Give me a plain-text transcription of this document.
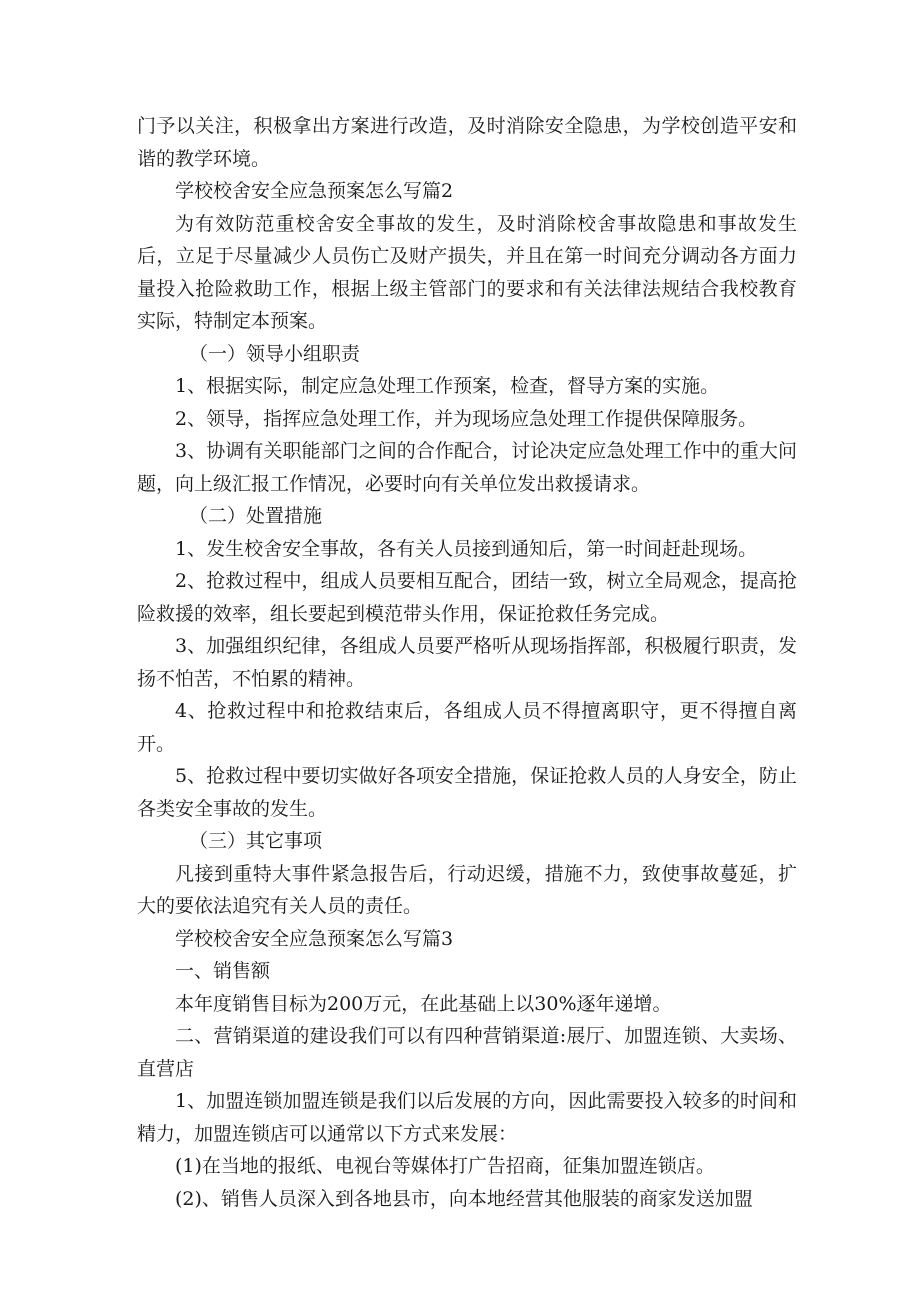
门予以关注，积极拿出方案进行改造，及时消除安全隐患，为学校创造平安和谐的教学环境。

学校校舍安全应急预案怎么写篇2

为有效防范重校舍安全事故的发生，及时消除校舍事故隐患和事故发生后，立足于尽量减少人员伤亡及财产损失，并且在第一时间充分调动各方面力量投入抢险救助工作，根据上级主管部门的要求和有关法律法规结合我校教育实际，特制定本预案。

（一）领导小组职责

1、根据实际，制定应急处理工作预案，检查，督导方案的实施。

2、领导，指挥应急处理工作，并为现场应急处理工作提供保障服务。

3、协调有关职能部门之间的合作配合，讨论决定应急处理工作中的重大问题，向上级汇报工作情况，必要时向有关单位发出救援请求。

（二）处置措施

1、发生校舍安全事故，各有关人员接到通知后，第一时间赶赴现场。

2、抢救过程中，组成人员要相互配合，团结一致，树立全局观念，提高抢险救援的效率，组长要起到模范带头作用，保证抢救任务完成。

3、加强组织纪律，各组成人员要严格听从现场指挥部，积极履行职责，发扬不怕苦，不怕累的精神。

4、抢救过程中和抢救结束后，各组成人员不得擅离职守，更不得擅自离开。

5、抢救过程中要切实做好各项安全措施，保证抢救人员的人身安全，防止各类安全事故的发生。

（三）其它事项

凡接到重特大事件紧急报告后，行动迟缓，措施不力，致使事故蔓延，扩大的要依法追究有关人员的责任。

学校校舍安全应急预案怎么写篇3

一、销售额

本年度销售目标为200万元，在此基础上以30%逐年递增。

二、营销渠道的建设我们可以有四种营销渠道:展厅、加盟连锁、大卖场、直营店

1、加盟连锁加盟连锁是我们以后发展的方向，因此需要投入较多的时间和精力，加盟连锁店可以通常以下方式来发展：

(1)在当地的报纸、电视台等媒体打广告招商，征集加盟连锁店。

(2)、销售人员深入到各地县市，向本地经营其他服装的商家发送加盟
